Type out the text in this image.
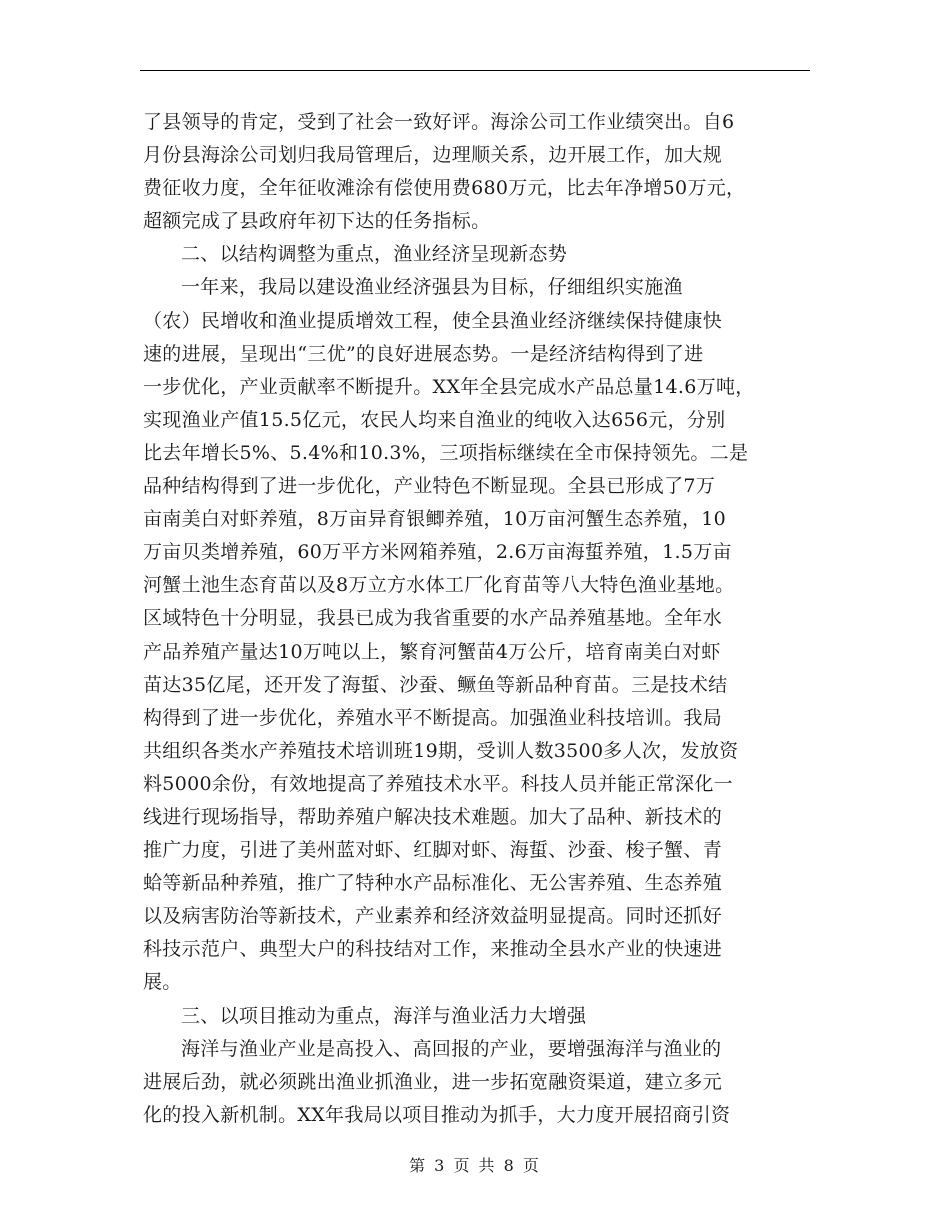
了县领导的肯定，受到了社会一致好评。海涂公司工作业绩突出。自6
月份县海涂公司划归我局管理后，边理顺关系，边开展工作，加大规
费征收力度，全年征收滩涂有偿使用费680万元，比去年净增50万元，
超额完成了县政府年初下达的任务指标。
二、以结构调整为重点，渔业经济呈现新态势
一年来，我局以建设渔业经济强县为目标，仔细组织实施渔
（农）民增收和渔业提质增效工程，使全县渔业经济继续保持健康快
速的进展，呈现出“三优”的良好进展态势。一是经济结构得到了进
一步优化，产业贡献率不断提升。XX年全县完成水产品总量14.6万吨，
实现渔业产值15.5亿元，农民人均来自渔业的纯收入达656元，分别
比去年增长5%、5.4%和10.3%，三项指标继续在全市保持领先。二是
品种结构得到了进一步优化，产业特色不断显现。全县已形成了7万
亩南美白对虾养殖，8万亩异育银鲫养殖，10万亩河蟹生态养殖，10
万亩贝类增养殖，60万平方米网箱养殖，2.6万亩海蜇养殖，1.5万亩
河蟹土池生态育苗以及8万立方水体工厂化育苗等八大特色渔业基地。
区域特色十分明显，我县已成为我省重要的水产品养殖基地。全年水
产品养殖产量达10万吨以上，繁育河蟹苗4万公斤，培育南美白对虾
苗达35亿尾，还开发了海蜇、沙蚕、鳜鱼等新品种育苗。三是技术结
构得到了进一步优化，养殖水平不断提高。加强渔业科技培训。我局
共组织各类水产养殖技术培训班19期，受训人数3500多人次，发放资
料5000余份，有效地提高了养殖技术水平。科技人员并能正常深化一
线进行现场指导，帮助养殖户解决技术难题。加大了品种、新技术的
推广力度，引进了美州蓝对虾、红脚对虾、海蜇、沙蚕、梭子蟹、青
蛤等新品种养殖，推广了特种水产品标准化、无公害养殖、生态养殖
以及病害防治等新技术，产业素养和经济效益明显提高。同时还抓好
科技示范户、典型大户的科技结对工作，来推动全县水产业的快速进
展。
三、以项目推动为重点，海洋与渔业活力大增强
海洋与渔业产业是高投入、高回报的产业，要增强海洋与渔业的
进展后劲，就必须跳出渔业抓渔业，进一步拓宽融资渠道，建立多元
化的投入新机制。XX年我局以项目推动为抓手，大力度开展招商引资
第 3 页 共 8 页
